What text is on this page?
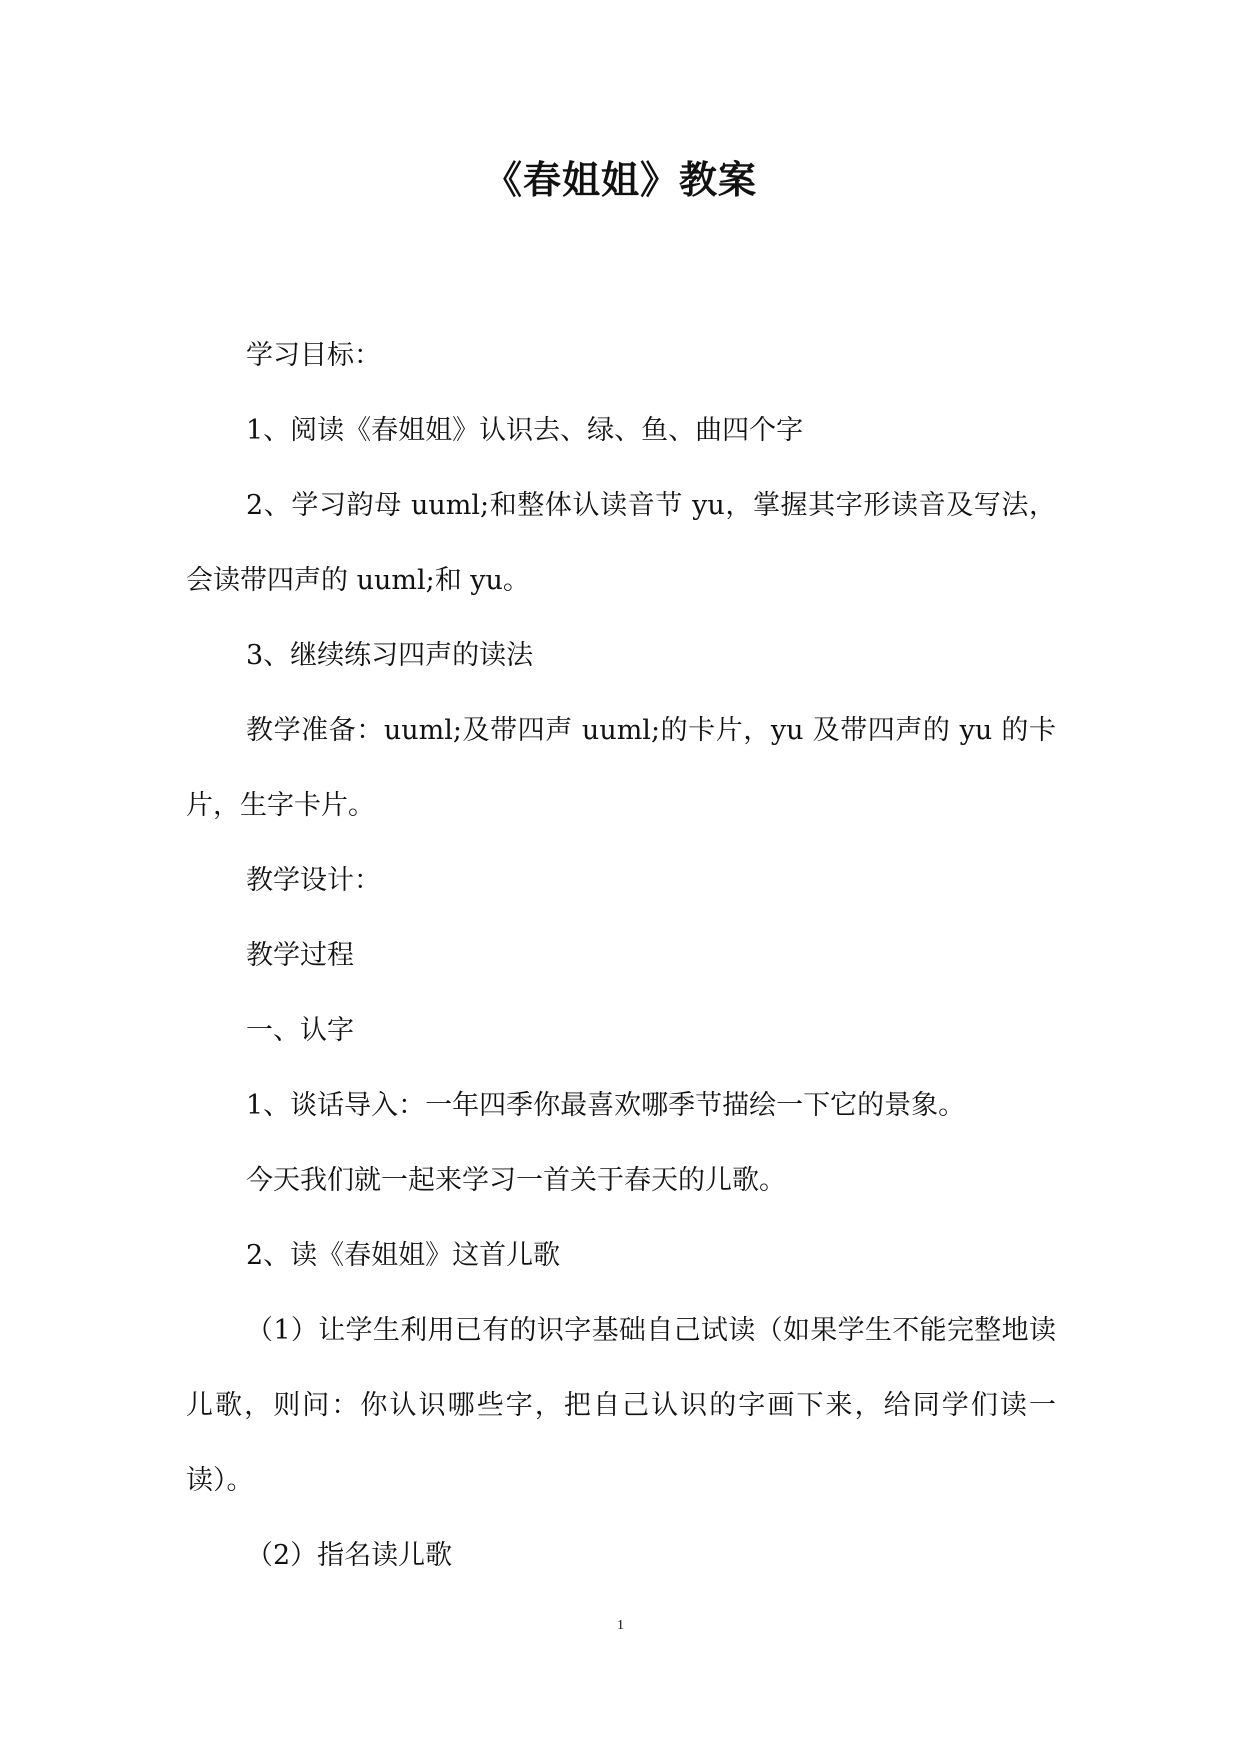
《春姐姐》教案

学习目标：

1、阅读《春姐姐》认识去、绿、鱼、曲四个字

2、学习韵母 uuml;和整体认读音节 yu，掌握其字形读音及写法，会读带四声的 uuml;和 yu。

3、继续练习四声的读法

教学准备：uuml;及带四声 uuml;的卡片，yu 及带四声的 yu 的卡片，生字卡片。

教学设计：

教学过程

一、认字

1、谈话导入：一年四季你最喜欢哪季节描绘一下它的景象。

今天我们就一起来学习一首关于春天的儿歌。

2、读《春姐姐》这首儿歌

（1）让学生利用已有的识字基础自己试读（如果学生不能完整地读儿歌，则问：你认识哪些字，把自己认识的字画下来，给同学们读一读）。

（2）指名读儿歌

1
